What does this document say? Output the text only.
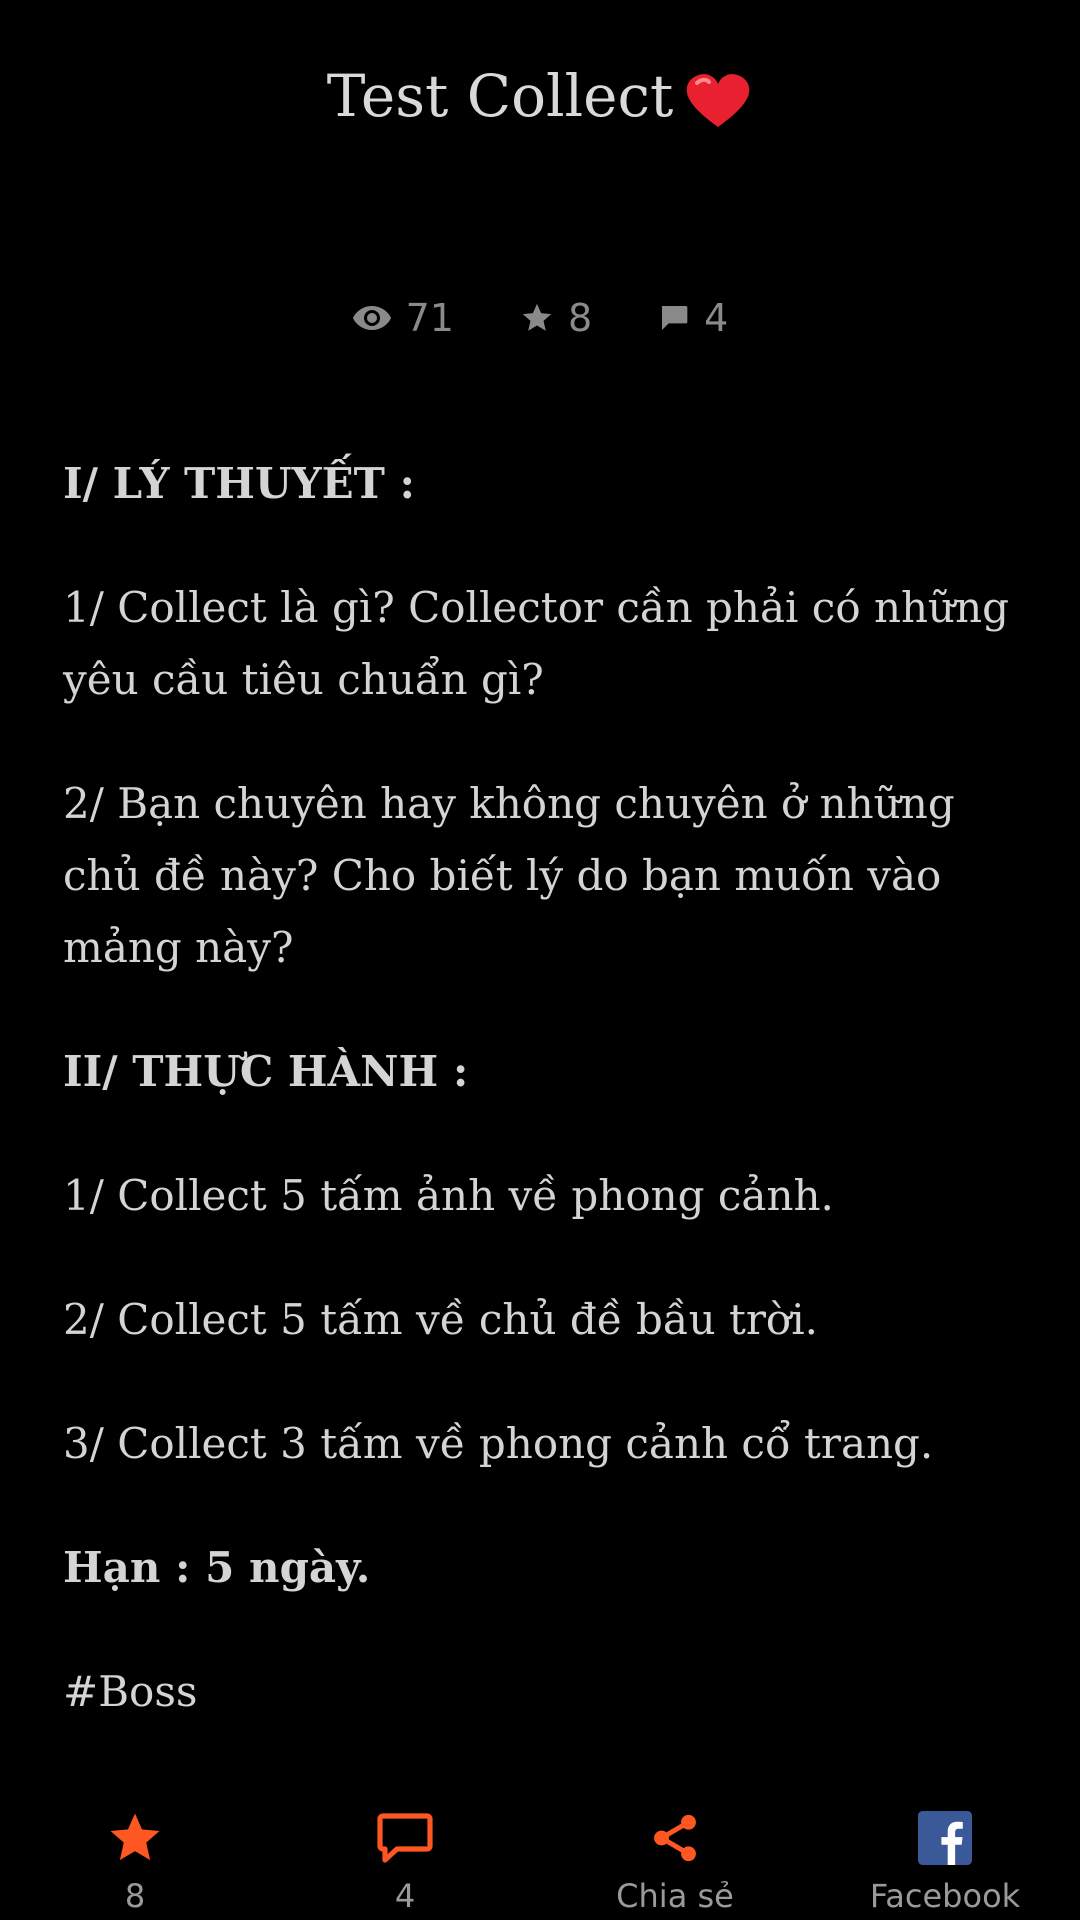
Test Collect
71	8	4

I/ LÝ THUYẾT :

1/ Collect là gì? Collector cần phải có những yêu cầu tiêu chuẩn gì?

2/ Bạn chuyên hay không chuyên ở những chủ đề này? Cho biết lý do bạn muốn vào mảng này?

II/ THỰC HÀNH :

1/ Collect 5 tấm ảnh về phong cảnh.

2/ Collect 5 tấm về chủ đề bầu trời.

3/ Collect 3 tấm về phong cảnh cổ trang.

Hạn : 5 ngày.

#Boss

8	4	Chia sẻ	Facebook
